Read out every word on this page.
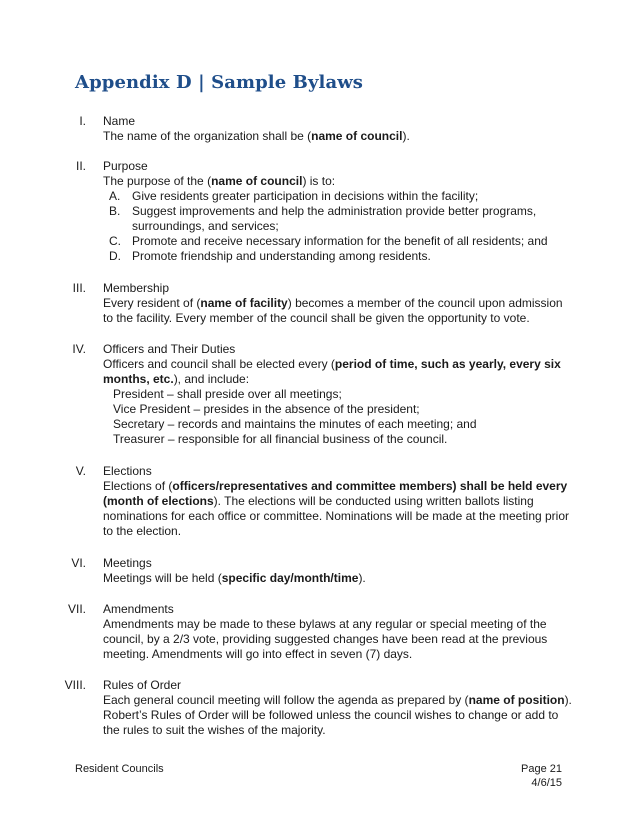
Appendix D | Sample Bylaws
I. Name
The name of the organization shall be (name of council).
II. Purpose
The purpose of the (name of council) is to:
A. Give residents greater participation in decisions within the facility;
B. Suggest improvements and help the administration provide better programs, surroundings, and services;
C. Promote and receive necessary information for the benefit of all residents; and
D. Promote friendship and understanding among residents.
III. Membership
Every resident of (name of facility) becomes a member of the council upon admission to the facility. Every member of the council shall be given the opportunity to vote.
IV. Officers and Their Duties
Officers and council shall be elected every (period of time, such as yearly, every six months, etc.), and include:
President – shall preside over all meetings;
Vice President – presides in the absence of the president;
Secretary – records and maintains the minutes of each meeting; and
Treasurer – responsible for all financial business of the council.
V. Elections
Elections of (officers/representatives and committee members) shall be held every (month of elections). The elections will be conducted using written ballots listing nominations for each office or committee. Nominations will be made at the meeting prior to the election.
VI. Meetings
Meetings will be held (specific day/month/time).
VII. Amendments
Amendments may be made to these bylaws at any regular or special meeting of the council, by a 2/3 vote, providing suggested changes have been read at the previous meeting. Amendments will go into effect in seven (7) days.
VIII. Rules of Order
Each general council meeting will follow the agenda as prepared by (name of position). Robert’s Rules of Order will be followed unless the council wishes to change or add to the rules to suit the wishes of the majority.
Resident Councils	Page 21
4/6/15
